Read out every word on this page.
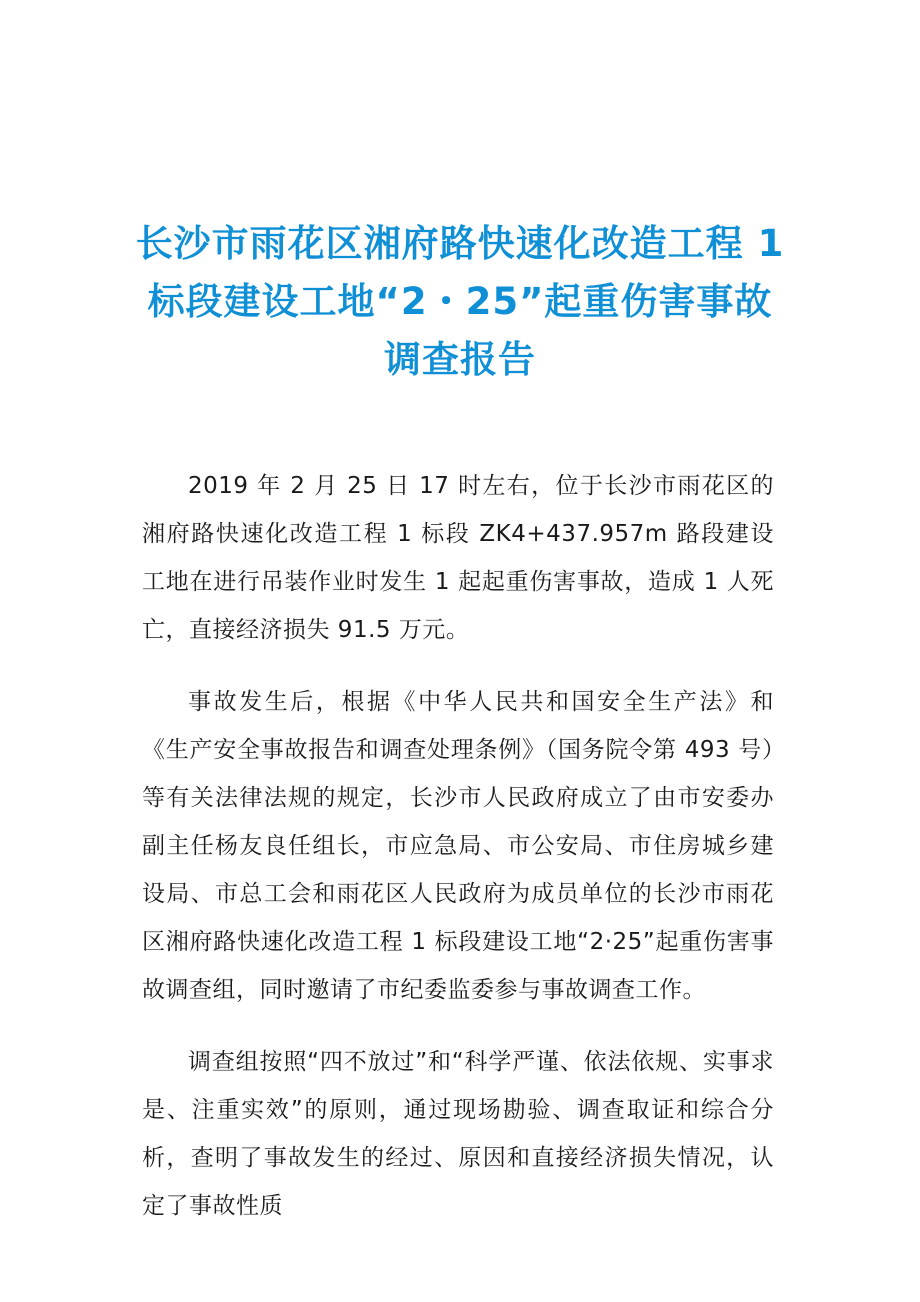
长沙市雨花区湘府路快速化改造工程 1 标段建设工地“2・25”起重伤害事故调查报告

2019 年 2 月 25 日 17 时左右，位于长沙市雨花区的湘府路快速化改造工程 1 标段 ZK4+437.957m 路段建设工地在进行吊装作业时发生 1 起起重伤害事故，造成 1 人死亡，直接经济损失 91.5 万元。

事故发生后，根据《中华人民共和国安全生产法》和《生产安全事故报告和调查处理条例》（国务院令第 493 号）等有关法律法规的规定，长沙市人民政府成立了由市安委办副主任杨友良任组长，市应急局、市公安局、市住房城乡建设局、市总工会和雨花区人民政府为成员单位的长沙市雨花区湘府路快速化改造工程 1 标段建设工地“2·25”起重伤害事故调查组，同时邀请了市纪委监委参与事故调查工作。

调查组按照“四不放过”和“科学严谨、依法依规、实事求是、注重实效”的原则，通过现场勘验、调查取证和综合分析，查明了事故发生的经过、原因和直接经济损失情况，认定了事故性质
